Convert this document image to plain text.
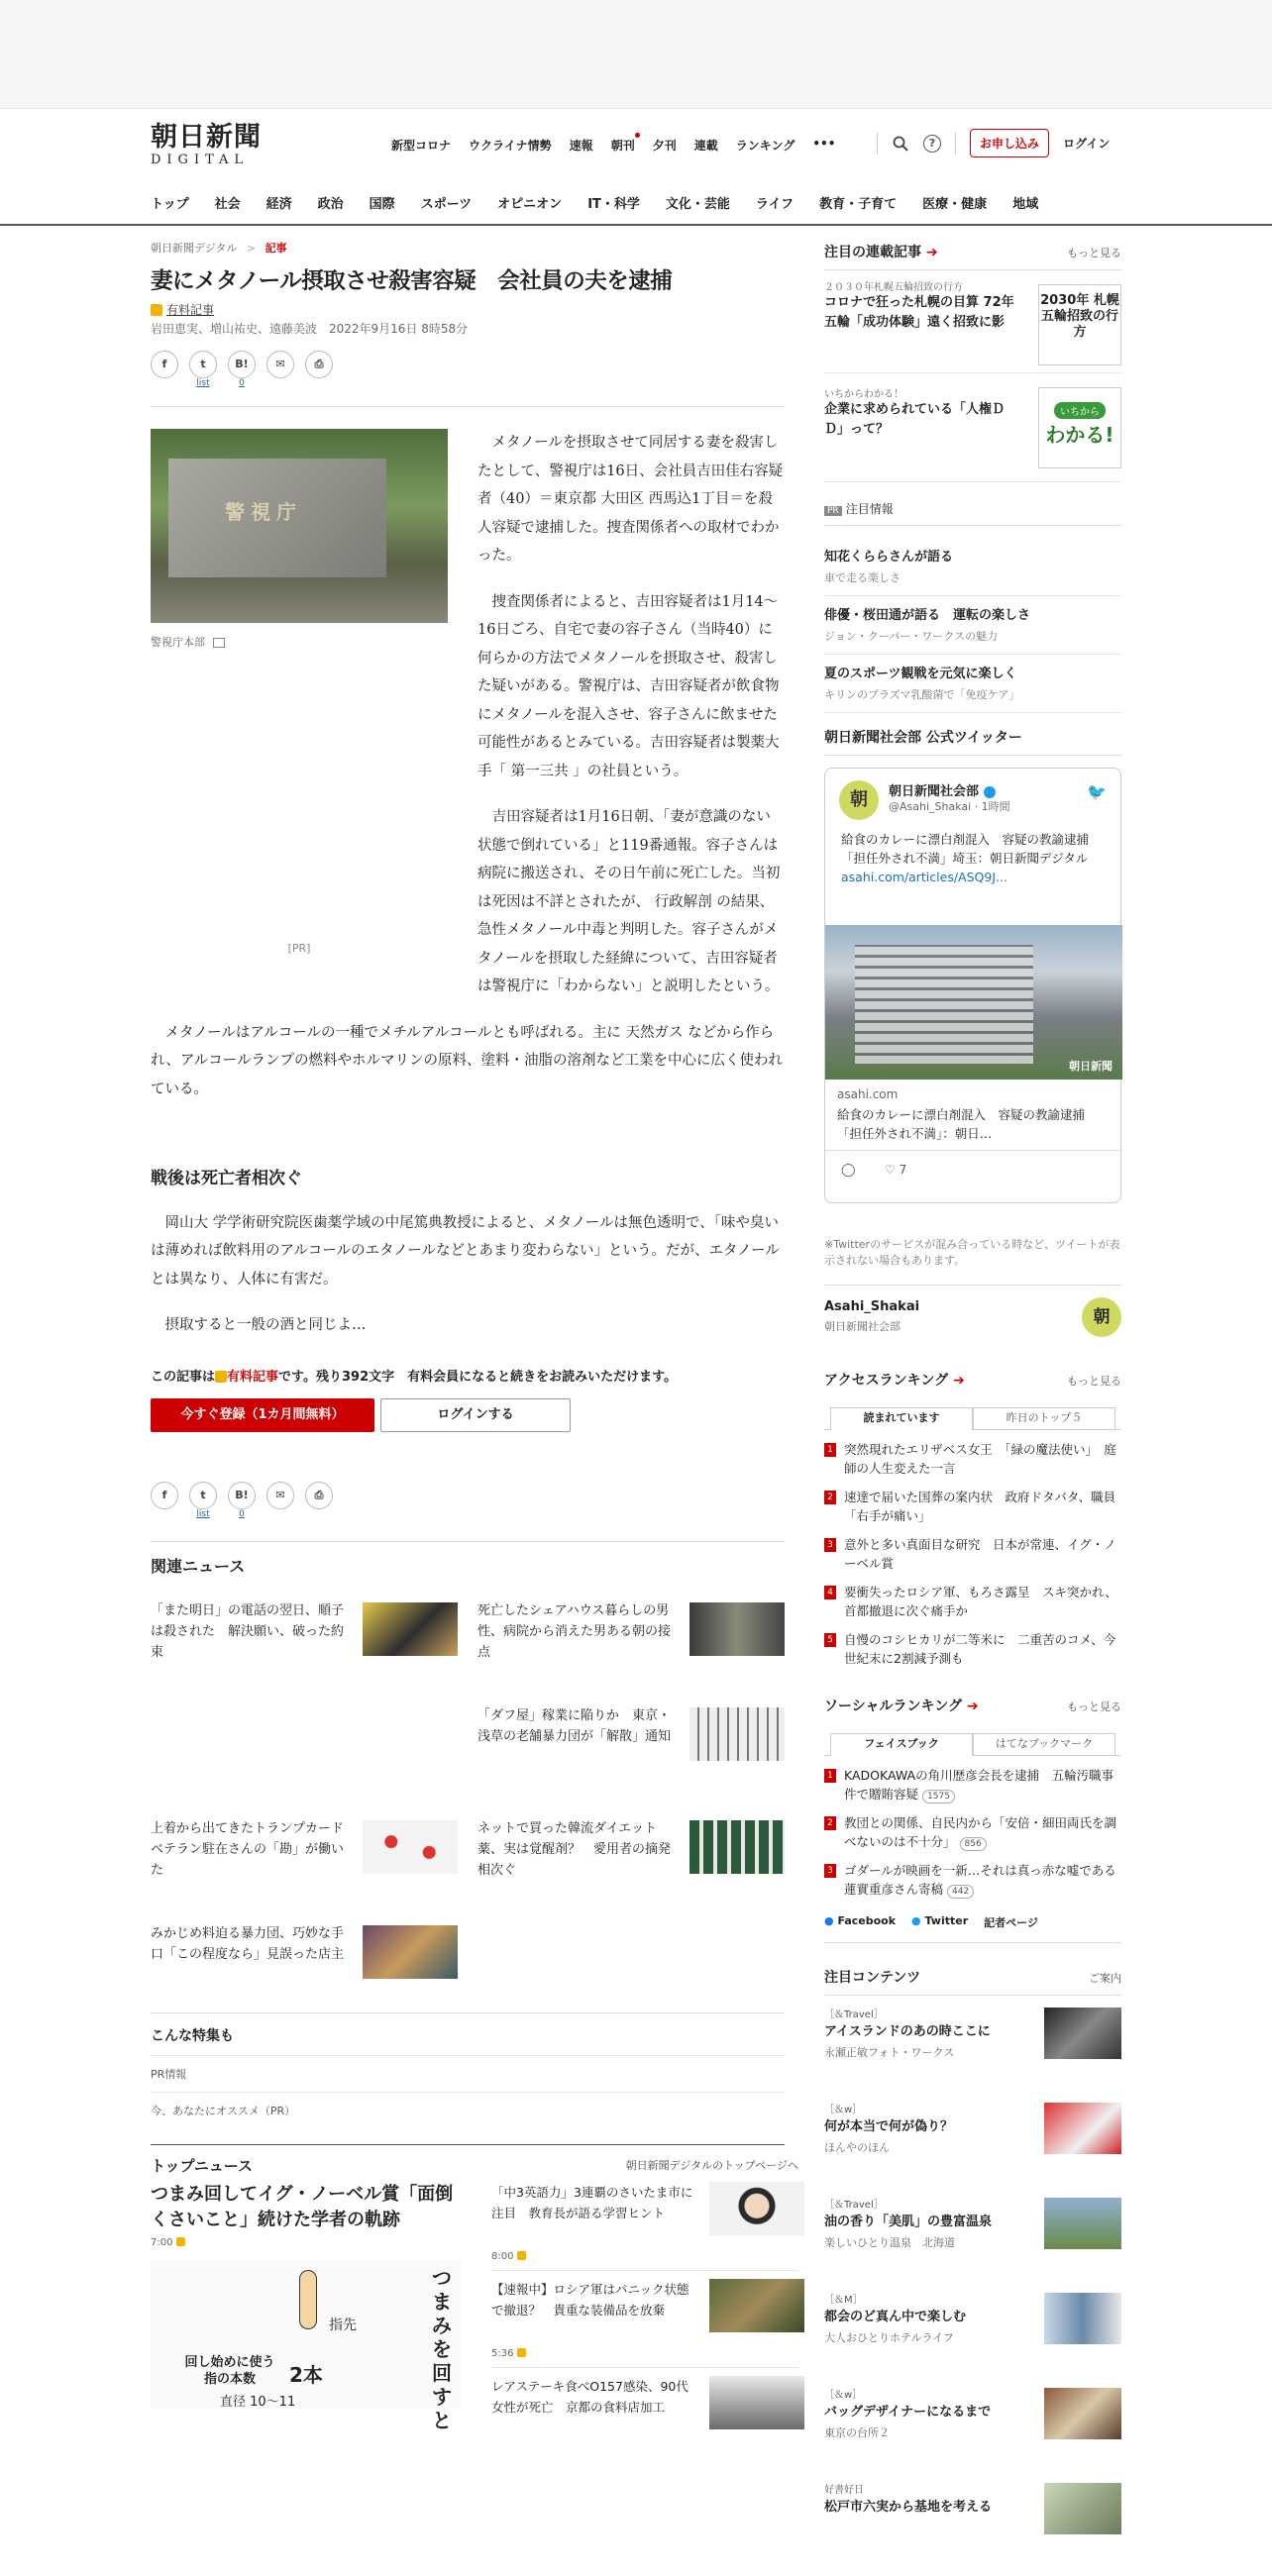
朝日新聞
DIGITAL
新型コロナ ウクライナ情勢 速報 朝刊 夕刊 連載 ランキング •••	?	お申し込み	ログイン
トップ 社会 経済 政治 国際 スポーツ オピニオン IT・科学 文化・芸能 ライフ 教育・子育て 医療・健康 地域
朝日新聞デジタル > 記事
妻にメタノール摂取させ殺害容疑　会社員の夫を逮捕
有料記事
岩田恵実、増山祐史、遠藤美波　2022年9月16日 8時58分
f	t
list
B!
0
✉	⎙
警視庁
警視庁本部
[PR]

メタノールを摂取させて同居する妻を殺害したとして、警視庁は16日、会社員吉田佳右容疑者（40）＝東京都 大田区 西馬込1丁目＝を殺人容疑で逮捕した。捜査関係者への取材でわかった。

捜査関係者によると、吉田容疑者は1月14～16日ごろ、自宅で妻の容子さん（当時40）に何らかの方法でメタノールを摂取させ、殺害した疑いがある。警視庁は、吉田容疑者が飲食物にメタノールを混入させ、容子さんに飲ませた可能性があるとみている。吉田容疑者は製薬大手「 第一三共 」の社員という。

吉田容疑者は1月16日朝、「妻が意識のない状態で倒れている」と119番通報。容子さんは病院に搬送され、その日午前に死亡した。当初は死因は不詳とされたが、 行政解剖 の結果、急性メタノール中毒と判明した。容子さんがメタノールを摂取した経緯について、吉田容疑者は警視庁に「わからない」と説明したという。

メタノールはアルコールの一種でメチルアルコールとも呼ばれる。主に 天然ガス などから作られ、アルコールランプの燃料やホルマリンの原料、塗料・油脂の溶剤など工業を中心に広く使われている。

戦後は死亡者相次ぐ

岡山大 学学術研究院医歯薬学域の中尾篤典教授によると、メタノールは無色透明で、「味や臭いは薄めれば飲料用のアルコールのエタノールなどとあまり変わらない」という。だが、エタノールとは異なり、人体に有害だ。

摂取すると一般の酒と同じよ…

この記事は 有料記事です。残り392文字　有料会員になると続きをお読みいただけます。
今すぐ登録（1カ月間無料）	ログインする
f	t
list
B!
0
✉	⎙
関連ニュース
「また明日」の電話の翌日、順子は殺された　解決願い、破った約束
死亡したシェアハウス暮らしの男性、病院から消えた男ある朝の接点
「ダフ屋」稼業に陥りか　東京・浅草の老舗暴力団が「解散」通知
上着から出てきたトランプカード　ベテラン駐在さんの「勘」が働いた
ネットで買った韓流ダイエット薬、実は覚醒剤？　愛用者の摘発相次ぐ
みかじめ料迫る暴力団、巧妙な手口「この程度なら」見誤った店主
こんな特集も
PR情報
今、あなたにオススメ（PR）
トップニュース	朝日新聞デジタルのトップページへ
つまみ回してイグ・ノーベル賞「面倒くさいこと」続けた学者の軌跡
7:00
指先
回し始めに使う指の本数	2本
つまみを回すと
直径 10～11
「中3英語力」3連覇のさいたま市に注目　教育長が語る学習ヒント
8:00
【速報中】ロシア軍はパニック状態で撤退？　貴重な装備品を放棄
5:36
レアステーキ食べO157感染、90代女性が死亡　京都の食料店加工
注目の連載記事 ➔	もっと見る
２０３０年札幌五輪招致の行方
コロナで狂った札幌の目算 72年五輪「成功体験」遠く招致に影
2030年 札幌 五輪招致の行方
いちからわかる！
企業に求められている「人権ＤＤ」って？
いちから
わかる!
PR 注目情報
知花くららさんが語る
車で走る楽しさ
俳優・桜田通が語る　運転の楽しさ
ジョン・クーパー・ワークスの魅力
夏のスポーツ観戦を元気に楽しく
キリンのプラズマ乳酸菌で「免疫ケア」
朝日新聞社会部 公式ツイッター
朝	朝日新聞社会部
@Asahi_Shakai · 1時間
🐦
給食のカレーに漂白剤混入　容疑の教諭逮捕　「担任外され不満」埼玉：朝日新聞デジタル
asahi.com/articles/ASQ9J...
朝日新聞
asahi.com
給食のカレーに漂白剤混入　容疑の教諭逮捕　「担任外され不満」：朝日…
◯ ♡ 7
※Twitterのサービスが混み合っている時など、ツイートが表示されない場合もあります。
Asahi_Shakai
朝日新聞社会部	朝
アクセスランキング ➔	もっと見る
読まれています	昨日のトップ５
1 突然現れたエリザベス女王　「緑の魔法使い」　庭師の人生変えた一言
2 速達で届いた国葬の案内状　政府ドタバタ、職員「右手が痛い」
3 意外と多い真面目な研究　日本が常連、イグ・ノーベル賞
4 要衝失ったロシア軍、もろさ露呈　スキ突かれ、首都撤退に次ぐ痛手か
5 自慢のコシヒカリが二等米に　二重苦のコメ、今世紀末に2割減予測も
ソーシャルランキング ➔	もっと見る
フェイスブック	はてなブックマーク
1 KADOKAWAの角川歴彦会長を逮捕　五輪汚職事件で贈賄容疑 1575
2 教団との関係、自民内から「安倍・細田両氏を調べないのは不十分」 856
3 ゴダールが映画を一新…それは真っ赤な嘘である　蓮實重彦さん寄稿 442
● Facebook ● Twitter 記者ページ
注目コンテンツ	ご案内
［＆Travel］
アイスランドのあの時ここに
永瀬正敏フォト・ワークス
［＆w］
何が本当で何が偽り？
ほんやのほん
［＆Travel］
油の香り「美肌」の豊富温泉
楽しいひとり温泉　北海道
［＆M］
都会のど真ん中で楽しむ
大人おひとりホテルライフ
［＆w］
バッグデザイナーになるまで
東京の台所２
好書好日
松戸市六実から基地を考える
